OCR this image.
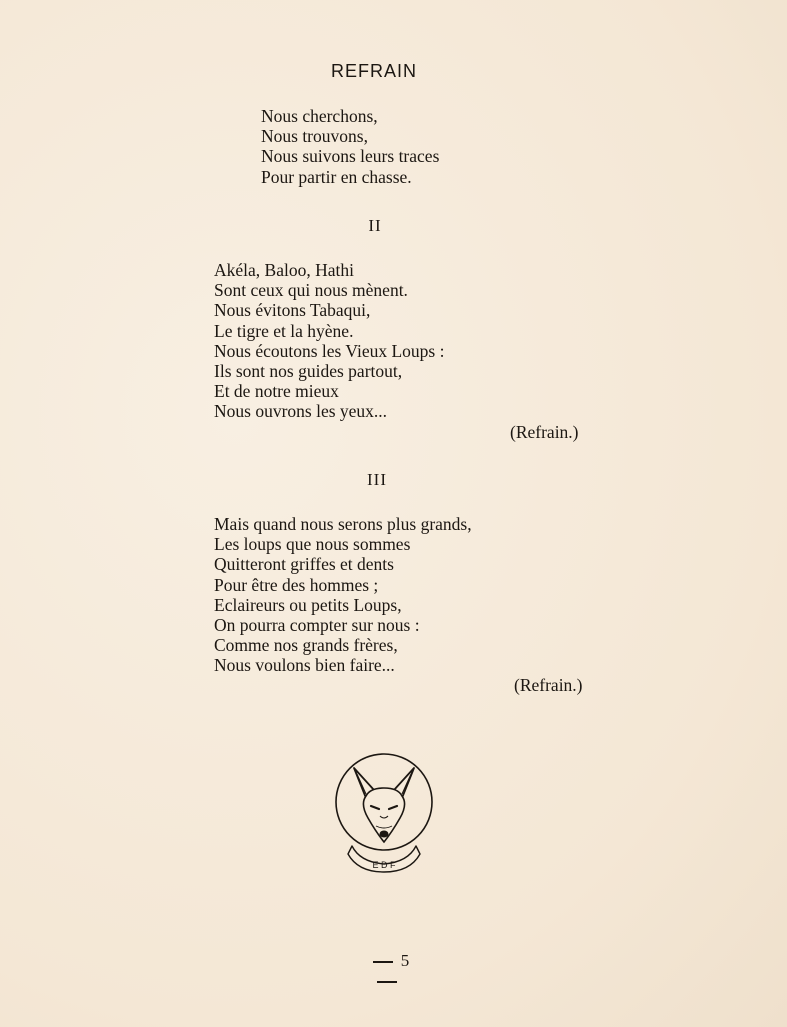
REFRAIN
Nous cherchons,
Nous trouvons,
Nous suivons leurs traces
Pour partir en chasse.
II
Akéla, Baloo, Hathi
Sont ceux qui nous mènent.
Nous évitons Tabaqui,
Le tigre et la hyène.
Nous écoutons les Vieux Loups :
Ils sont nos guides partout,
Et de notre mieux
Nous ouvrons les yeux...
(Refrain.)
III
Mais quand nous serons plus grands,
Les loups que nous sommes
Quitteront griffes et dents
Pour être des hommes ;
Eclaireurs ou petits Loups,
On pourra compter sur nous :
Comme nos grands frères,
Nous voulons bien faire...
(Refrain.)
E D F
5
